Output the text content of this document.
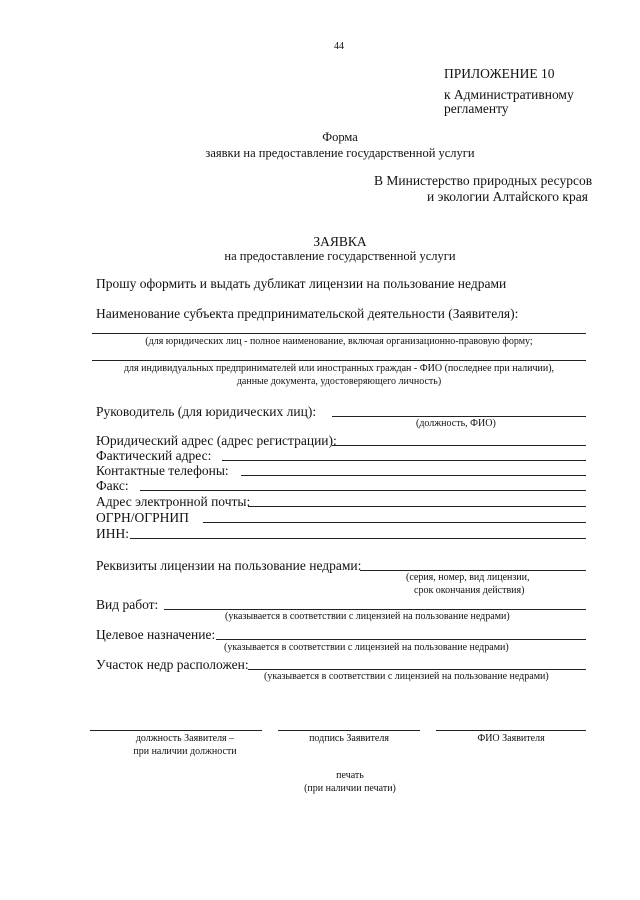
44
ПРИЛОЖЕНИЕ 10
к Административному
регламенту
Форма
заявки на предоставление государственной услуги
В Министерство природных ресурсов
и экологии Алтайского края
ЗАЯВКА
на предоставление государственной услуги
Прошу оформить и выдать дубликат лицензии на пользование недрами
Наименование субъекта предпринимательской деятельности (Заявителя):
(для юридических лиц - полное наименование, включая организационно-правовую форму;
для индивидуальных предпринимателей или иностранных граждан - ФИО (последнее при наличии),
данные документа, удостоверяющего личность)
Руководитель (для юридических лиц):
(должность, ФИО)
Юридический адрес (адрес регистрации):
Фактический адрес:
Контактные телефоны:
Факс:
Адрес электронной почты:
ОГРН/ОГРНИП
ИНН:
Реквизиты лицензии на пользование недрами:
(серия, номер, вид лицензии,
срок окончания действия)
Вид работ:
(указывается в соответствии с лицензией на пользование недрами)
Целевое назначение:
(указывается в соответствии с лицензией на пользование недрами)
Участок недр расположен:
(указывается в соответствии с лицензией на пользование недрами)
должность Заявителя –
при наличии должности
подпись Заявителя	ФИО Заявителя
печать
(при наличии печати)
